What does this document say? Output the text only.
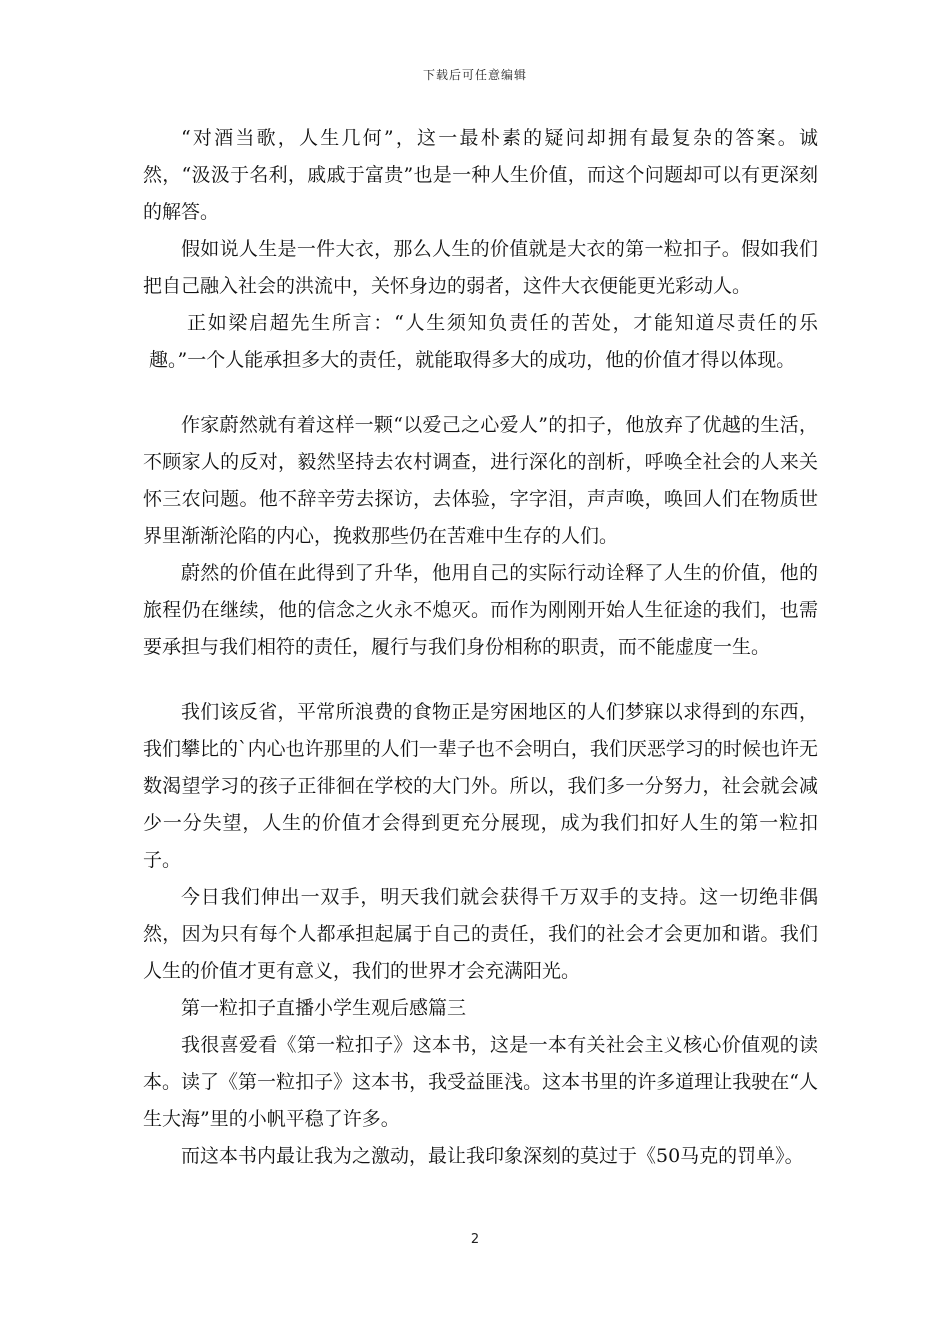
下载后可任意编辑

“对酒当歌，人生几何”，这一最朴素的疑问却拥有最复杂的答案。诚然，“汲汲于名利，戚戚于富贵”也是一种人生价值，而这个问题却可以有更深刻的解答。

假如说人生是一件大衣，那么人生的价值就是大衣的第一粒扣子。假如我们把自己融入社会的洪流中，关怀身边的弱者，这件大衣便能更光彩动人。

正如梁启超先生所言：“人生须知负责任的苦处，才能知道尽责任的乐趣。”一个人能承担多大的责任，就能取得多大的成功，他的价值才得以体现。

作家蔚然就有着这样一颗“以爱己之心爱人”的扣子，他放弃了优越的生活，不顾家人的反对，毅然坚持去农村调查，进行深化的剖析，呼唤全社会的人来关怀三农问题。他不辞辛劳去探访，去体验，字字泪，声声唤，唤回人们在物质世界里渐渐沦陷的内心，挽救那些仍在苦难中生存的人们。

蔚然的价值在此得到了升华，他用自己的实际行动诠释了人生的价值，他的旅程仍在继续，他的信念之火永不熄灭。而作为刚刚开始人生征途的我们，也需要承担与我们相符的责任，履行与我们身份相称的职责，而不能虚度一生。

我们该反省，平常所浪费的食物正是穷困地区的人们梦寐以求得到的东西，我们攀比的`内心也许那里的人们一辈子也不会明白，我们厌恶学习的时候也许无数渴望学习的孩子正徘徊在学校的大门外。所以，我们多一分努力，社会就会减少一分失望，人生的价值才会得到更充分展现，成为我们扣好人生的第一粒扣子。

今日我们伸出一双手，明天我们就会获得千万双手的支持。这一切绝非偶然，因为只有每个人都承担起属于自己的责任，我们的社会才会更加和谐。我们人生的价值才更有意义，我们的世界才会充满阳光。

第一粒扣子直播小学生观后感篇三

我很喜爱看《第一粒扣子》这本书，这是一本有关社会主义核心价值观的读本。读了《第一粒扣子》这本书，我受益匪浅。这本书里的许多道理让我驶在“人生大海”里的小帆平稳了许多。

而这本书内最让我为之激动，最让我印象深刻的莫过于《50马克的罚单》。

2
